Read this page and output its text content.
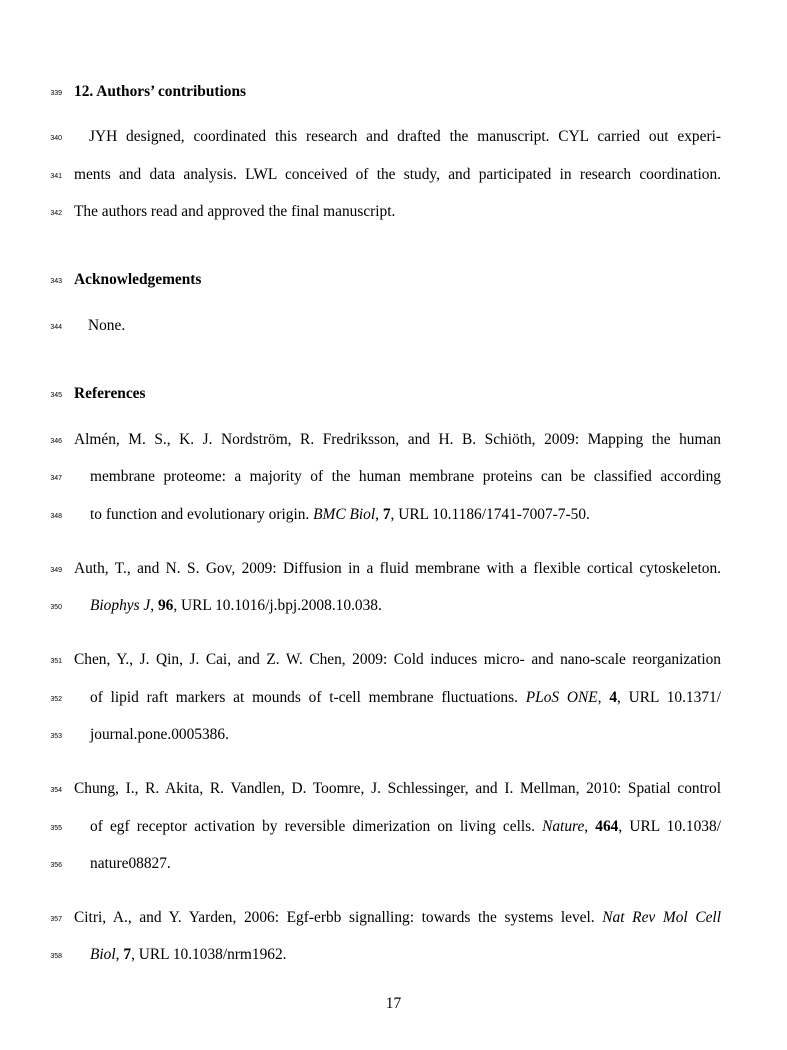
339
340
341
342
343
344
345
346
347
348
349
350
351
352
353
354
355
356
357
358
12. Authors’ contributions
JYH designed, coordinated this research and drafted the manuscript. CYL carried out experi-
ments and data analysis. LWL conceived of the study, and participated in research coordination.
The authors read and approved the final manuscript.
Acknowledgements
None.
References
Almén, M. S., K. J. Nordström, R. Fredriksson, and H. B. Schiöth, 2009: Mapping the human
membrane proteome: a majority of the human membrane proteins can be classified according
to function and evolutionary origin. BMC Biol, 7, URL 10.1186/1741-7007-7-50.
Auth, T., and N. S. Gov, 2009: Diffusion in a fluid membrane with a flexible cortical cytoskeleton.
Biophys J, 96, URL 10.1016/j.bpj.2008.10.038.
Chen, Y., J. Qin, J. Cai, and Z. W. Chen, 2009: Cold induces micro- and nano-scale reorganization
of lipid raft markers at mounds of t-cell membrane fluctuations. PLoS ONE, 4, URL 10.1371/
journal.pone.0005386.
Chung, I., R. Akita, R. Vandlen, D. Toomre, J. Schlessinger, and I. Mellman, 2010: Spatial control
of egf receptor activation by reversible dimerization on living cells. Nature, 464, URL 10.1038/
nature08827.
Citri, A., and Y. Yarden, 2006: Egf-erbb signalling: towards the systems level. Nat Rev Mol Cell
Biol, 7, URL 10.1038/nrm1962.
17
